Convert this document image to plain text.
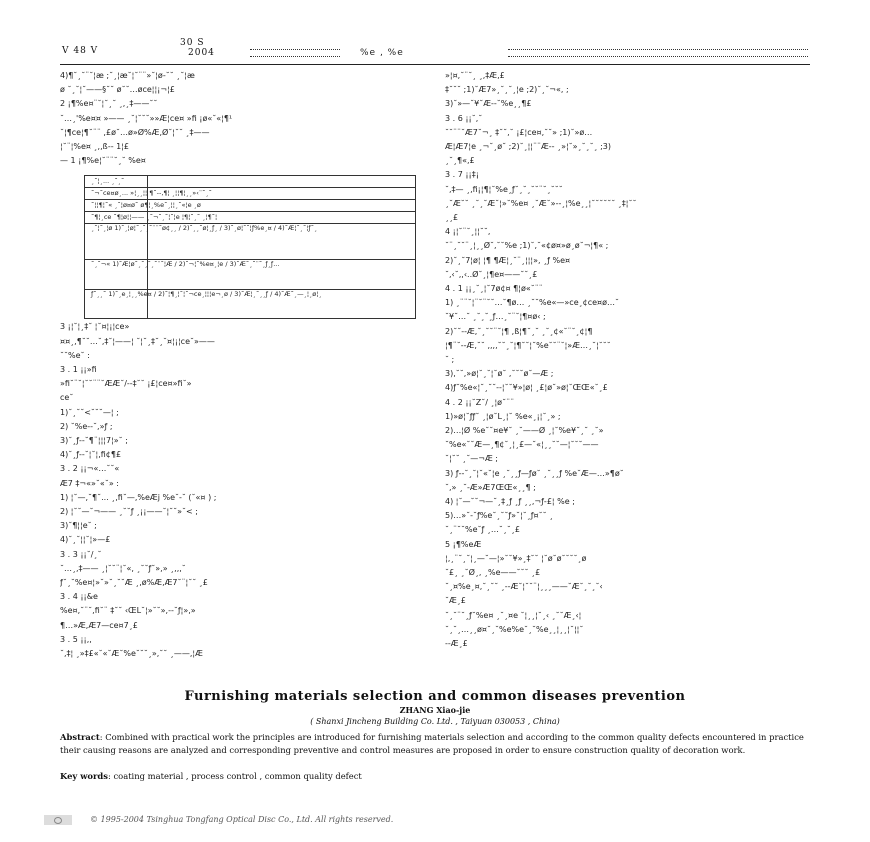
V 48 V
30 S
2004	%e , %e
4)¶˘¸˘¨˘¦æ ;˘¸¦æ˘¦˘¨¨»˘¦ø-˘˘ ¸˘¦æ
ø ˘¸˘¦˘——§˘˘ ø˘˘…øce¦¦¡¬¦£
2 ¡¶%e¤¨˘¦˘¸˘ ¸,¸‡——˘˘
˘…¸'%e¤¤ »—— ¸˘¦˘˘˘»»Æ¦ce¤ »fi ¡ø«˘«¦¶¹
˘¦¶ce¦¶˘¨¨ ,£ø˘…ø»Ø%Æ,Ø˘¦˘˘ ¸‡——
¦˘¨¦%e¤ ¸,,ß-- 1¦£
— 1 ¡¶%e¦˘¨¨˘¸˘ %e¤
3 ¡¦˘¦¸‡˘ ¦˘¤¦¡¦ce»
¤¤¸,¶˘˘…˘,‡˘¦——¦ ˘¦˘¸‡˘¸˘¤¦¡¦ce˘»——
˘˘%e˘ :
3 . 1 ¡¡»fi
»fi˘¨˘¦˘˘¨¨˘ÆÆ˘/--‡˘˘ ¡£¦ce¤»fi˘»
ce˘
1)˘¸˘˘<˘˘˘—¦ ;
2) ˘%e--˘,»ƒ ;
3)˘¸ƒ--˘¶¨¦¦¦7¦»˘ ;
4)˘¸ƒ--˘¦˘¦,fi¢¶£
3 . 2 ¡¡¬«…˘˘«
Æ7 ‡¬«»˘«˘» :
1) ¦˘—,˘¶˘... ¸,fi˘—,%eÆj %e˘-˘ (˘«¤ ) ;
2) ¦˘˘—˘¬—— ¸˘˘ƒ ¸¡¡——˘¦˘˘»˘< ;
3)˘¶¦¦e˘ ;
4)˘¸˘¦¦˘¦»—£
3 . 3 ¡¡˘/¸˘
˘…¸,‡—— ¸¦˘˘¨¦˘«, ¸˘˘ƒ˘»,» ¸,,,˘
ƒ˘¸˘%e¤¦»˘»˘¸˘˘Æ ¸,ø%Æ,Æ7˘¨¦˘˘ ¸£
3 . 4 ¡¡&e
%e¤,˘¨˘,fi˘¨ ‡˘˘ ‹ŒL˘¦»˘˘»,--˘ƒ¦»,»
¶…»Æ,Æ7—ce¤7¸£
3 . 5 ¡¡,,
˘,‡¦ ¸»‡£«˘«˘Æ˘%e˘˘˘¸»,˘˘ ¸——,¦Æ
¸˘¦¸... ¸˘¸˘
˘¬˘ce¤ø¸... »¦¸¸¦¦ ¶˘--,¶¦ ¸¦¦¶¦¸¸»‹¨˘¸˘
˘¦¦¶¦˘« ¸˘¦ø¤ø˘ ø¶¦¸%e˘¸¦¦¸˘«¦e ¸ø
˘¶¦¸ce ˘¶¦ø¦¦—— ¸˘¬˘¸˘¦˘¦e ¦¶¦˘¸˘ ¸¦¶˘¦
¸˘¦˘¸¦ø 1)˘¸¦ø¦˘¸˘¸˘¨¨˘ø¢¸¸ / 2)˘¸¸˘ø¦¸ƒ¸ / 3)˘¸ø¦˘˘¦ƒ%e¸¤ / 4)˘Æ¦˘¸˘¦ƒ˘¸
˘¸˘¬« 1)˘Æ¦ø˘¸˘¸˘¸˘¨˘¦Æ / 2)˘¬¦˘%e¤¸¦e / 3)˘Æ˘¸˘¨˘¸ƒ¸ƒ...
ƒ˘¸¸˘ 1)˘¸e¸¦¸¸%e¤ / 2)˘¦¶¸¦˘¦˘¬ce¸¦¦¦e¬¸ø / 3)˘Æ¦¸˘¸¸ƒ / 4)˘Æ˘¸—¸¦¸ø¦¸
»¦¤,˘¨˘¸ ¸,‡Æ,£
‡˘˘˘ ;1)˘Æ7»¸˘¸˘¸¦e ;2)˘¸˘¬«, ;
3)˘»—˘¥˘Æ--˘%e¸¸¶£
3 . 6 ¡¡˘,˘
˘˘¨¨˘Æ7˘¬¸ ‡˘˘,˘ ¡£¦ce¤,˘˘» ;1)˘»ø…
Æ¦Æ7¦e ¸¬˘¸ø˘ ;2)˘¸¦¦¨¨Æ-- ¸»¦˘»¸˘¸˘¸ ;3)
¸˘¸¶«,£
3 . 7 ¡¡‡¡
˘,‡— ¸,fi¡¦¶¦˘%e¸ƒ˘¸˘¸˘˘¨˘¸˘˘˘
¸˘Æ˘˘ ¸˘¸˘Æ˘¦»˘%e¤ ¸˘Æ˘»--¸¦%e¸¸¦˘˘˘˘˘˘ ¸‡¦˘˘
¸¸£
4 ¡¦˘¨˘¸¦¦˘˘,
˘¨¸˘˘¨¸¦¸¸Ø˘,˘˘%e ;1)˘,˘«¢ø¤»ø¸ø˘¬¦¶« ;
2)˘¸˘7¦ø¦ ¦¶ ¶Æ¦¸˘¨¸¦¦¦», ¸ƒ %e¤
˘,‹˘‚,‹..Ø˘¸¦¶e¤——˘˘¸£
4 . 1 ¡¡¸˘¸¦˘7ø¢¤ ¶¦ø«˘¨¨
1) ¸¨¨˘¦¨˘¨˘˘…˘¶ø… ¸˘˘%e«—»ce¸¢ce¤ø…˘
˘¥˘…˘ ¸˘¸˘¸ƒ…¸˘¨˘¦¶¤ø‹ ;
2)˘˘--Æ,˘¸˘˘¨˘¦¶ ,ß¦¶˘¸˘ ¸˘¸¢«˘¨˘¸¢¦¶
¦¶¨˘--Æ,˘˘ ,,,,˘˘¸˘¦¶˘˘¦˘%e˘˘¨˘¦»Æ…¸˘¦˘˘˘
˘ ;
3),˘˘,»ø¦˘¸˘¦˘ø˘ ,˘˘˘ø˘—Æ ;
4)ƒ˘%e«¦˘¸˘˘--¦˘˘¥»¦ø¦ ¸£¦ø˘»ø¦˘ŒŒ«˘¸£
4 . 2 ¡¡˘Z˘/ ¸¦ø˘¨¨
1)»ø¦˘ƒƒ˘ ¸¦ø˘L¸¦˘ %e«¸¡¦˘¸» ;
2)…¦Ø %e˘˘¤e¥˘ ¸˘——Ø ¸¦˘%e¥˘¸˘ ¸˘»
˘%e«˘˘Æ—¸¶¢˘¸¦¸£—˘«¦¸¸˘˘—¦˘˘˘——
˘¦˘˘ ¸˘—¬Æ ;
3) ƒ--˘¸˘¦˘«˘¦e ¸˘¸¸ƒ—ƒø˘ ¸˘¸¸ƒ %e˘Æ—…»¶ø˘
˘,» ¸˘-Æ»Æ7ŒŒ«¸¸¶ ;
4) ¦˘—˘˘¬—˘¸‡¸ƒ ¸ƒ ¸¸,¬ƒ-£¦ %e ;
5)…»˘-˘ƒ%e˘¸˘˘ƒ»˘¦˘¸ƒ¤˘˘ ¸
˘¸¨˘˘%e˘ƒ ¸…˘¸˘¸£
5 ¡¶%eÆ
¦‚¸¨˘¸˘¦¸—˘—¦»˘˘¥»¸‡˘˘ ¦˘ø˘ø˘˘˘˘¸ø
˘£¸ ¸˘Ø¸, ¸%e——˘˘˘ ¸£
˘¸¤%e¸¤,˘¸˘˘ ¸--Æ˘¦˘˘¨¦¸¸¸——˘Æ˘¸˘¸˘‹
˘Æ¸£
˘¸˘¨˘¸ƒ˘%e¤ ¸˘¸¤e ˘¦¸¸¦˘¸‹ ¸˘˘Æ¸‹¦
˘¸˘¸…¸¸ø¤˘¸˘%e%e˘¸˘%e¸¸¦¸¸¦˘¦¦˘
--Æ¸£
Furnishing materials selection and common diseases prevention
ZHANG Xiao-jie
( Shanxi Jincheng Building Co. Ltd. , Taiyuan 030053 , China)
Abstract: Combined with practical work the principles are introduced for furnishing materials selection and according to the common quality defects encountered in practice their causing reasons are analyzed and corresponding preventive and control measures are proposed in order to ensure construction quality of decoration work.
Key words: coating material , process control , common quality defect
© 1995-2004 Tsinghua Tongfang Optical Disc Co., Ltd. All rights reserved.
